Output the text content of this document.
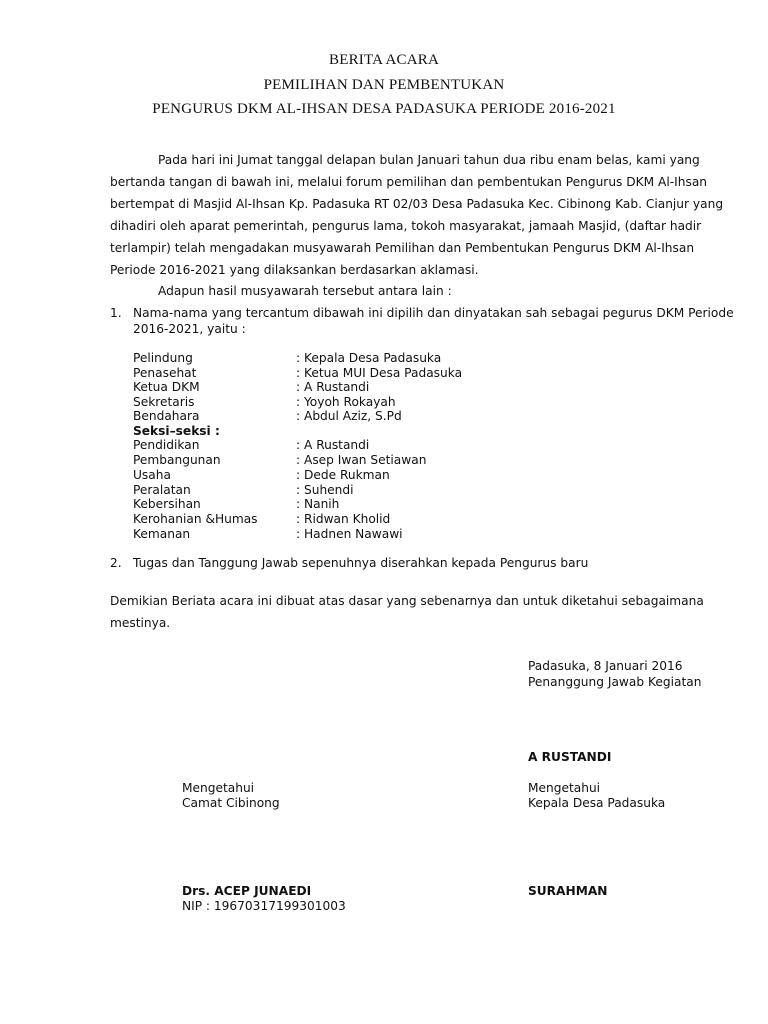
BERITA ACARA
PEMILIHAN DAN PEMBENTUKAN
PENGURUS DKM AL-IHSAN DESA PADASUKA PERIODE 2016-2021
Pada hari ini Jumat tanggal delapan bulan Januari tahun dua ribu enam belas, kami yang
bertanda tangan di bawah ini, melalui forum pemilihan dan pembentukan Pengurus DKM Al-Ihsan
bertempat di Masjid Al-Ihsan Kp. Padasuka RT 02/03 Desa Padasuka Kec. Cibinong Kab. Cianjur yang
dihadiri oleh aparat pemerintah, pengurus lama, tokoh masyarakat, jamaah Masjid, (daftar hadir
terlampir) telah mengadakan musyawarah Pemilihan dan Pembentukan Pengurus DKM Al-Ihsan
Periode 2016-2021 yang dilaksankan berdasarkan aklamasi.
Adapun hasil musyawarah tersebut antara lain :
1. Nama-nama yang tercantum dibawah ini dipilih dan dinyatakan sah sebagai pegurus DKM Periode
2016-2021, yaitu :
Pelindung	: Kepala Desa Padasuka
Penasehat	: Ketua MUI Desa Padasuka
Ketua DKM	: A Rustandi
Sekretaris	: Yoyoh Rokayah
Bendahara	: Abdul Aziz, S.Pd
Seksi–seksi :
Pendidikan	: A Rustandi
Pembangunan	: Asep Iwan Setiawan
Usaha	: Dede Rukman
Peralatan	: Suhendi
Kebersihan	: Nanih
Kerohanian &Humas	: Ridwan Kholid
Kemanan	: Hadnen Nawawi
2. Tugas dan Tanggung Jawab sepenuhnya diserahkan kepada Pengurus baru
Demikian Beriata acara ini dibuat atas dasar yang sebenarnya dan untuk diketahui sebagaimana
mestinya.
Padasuka, 8 Januari 2016
Penanggung Jawab Kegiatan
A RUSTANDI
Mengetahui
Camat Cibinong
Drs. ACEP JUNAEDI
NIP : 19670317199301003
Mengetahui
Kepala Desa Padasuka
SURAHMAN
